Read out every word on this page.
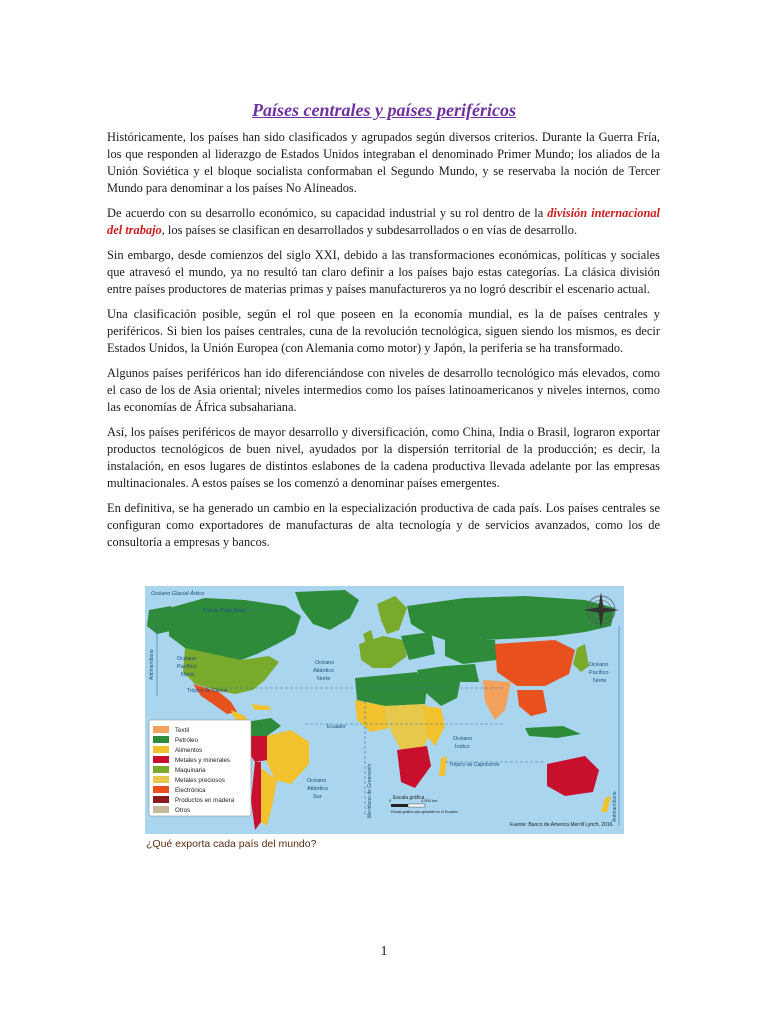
Países centrales y países periféricos

Históricamente, los países han sido clasificados y agrupados según diversos criterios. Durante la Guerra Fría, los que responden al liderazgo de Estados Unidos integraban el denominado Primer Mundo; los aliados de la Unión Soviética y el bloque socialista conformaban el Segundo Mundo, y se reservaba la noción de Tercer Mundo para denominar a los países No Alineados.

De acuerdo con su desarrollo económico, su capacidad industrial y su rol dentro de la división internacional del trabajo, los países se clasifican en desarrollados y subdesarrollados o en vías de desarrollo.

Sin embargo, desde comienzos del siglo XXI, debido a las transformaciones económicas, políticas y sociales que atravesó el mundo, ya no resultó tan claro definir a los países bajo estas categorías. La clásica división entre países productores de materias primas y países manufactureros ya no logró describir el escenario actual.

Una clasificación posible, según el rol que poseen en la economía mundial, es la de países centrales y periféricos. Si bien los países centrales, cuna de la revolución tecnológica, siguen siendo los mismos, es decir Estados Unidos, la Unión Europea (con Alemania como motor) y Japón, la periferia se ha transformado.

Algunos países periféricos han ido diferenciándose con niveles de desarrollo tecnológico más elevados, como el caso de los de Asia oriental; niveles intermedios como los países latinoamericanos y niveles internos, como las economías de África subsahariana.

Así, los países periféricos de mayor desarrollo y diversificación, como China, India o Brasil, lograron exportar productos tecnológicos de buen nivel, ayudados por la dispersión territorial de la producción; es decir, la instalación, en esos lugares de distintos eslabones de la cadena productiva llevada adelante por las empresas multinacionales. A estos países se los comenzó a denominar países emergentes.

En definitiva, se ha generado un cambio en la especialización productiva de cada país. Los países centrales se configuran como exportadores de manufacturas de alta tecnología y de servicios avanzados, como los de consultoría a empresas y bancos.

Océano Glacial Ártico
Círculo Polar Ártico
Océano Pacífico Norte
Trópico de Cáncer
Océano Atlántico Norte
Océano Pacífico Norte
Ecuador
Océano Índico
Trópico de Capricornio
Océano Atlántico Sur
Antimeridiano
Antimeridiano
Meridiano de Greenwich
Textil
Petróleo
Alimentos
Metales y minerales
Maquinaria
Metales preciosos
Electrónica
Productos en madera
Otros
Escala gráfica
0	4.000 km
Escala gráfica solo aplicable en el Ecuador
Fuente: Banco de America Merrill Lynch, 2016.
¿Qué exporta cada país del mundo?
1
